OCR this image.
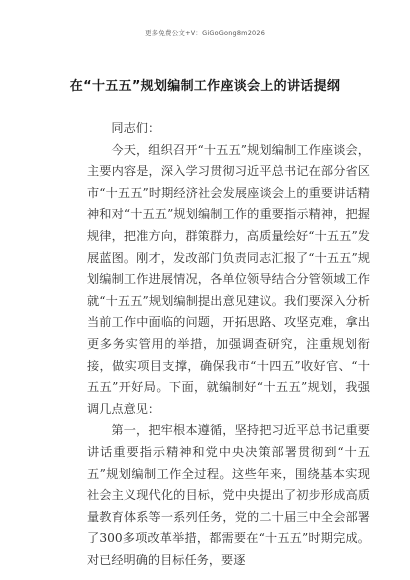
更多免费公文+V：GiGoGong8m2026
在“十五五”规划编制工作座谈会上的讲话提纲

同志们：

今天，组织召开“十五五”规划编制工作座谈会，主要内容是，深入学习贯彻习近平总书记在部分省区市“十五五”时期经济社会发展座谈会上的重要讲话精神和对“十五五”规划编制工作的重要指示精神，把握规律，把准方向，群策群力，高质量绘好“十五五”发展蓝图。刚才，发改部门负责同志汇报了“十五五”规划编制工作进展情况，各单位领导结合分管领域工作就“十五五”规划编制提出意见建议。我们要深入分析当前工作中面临的问题，开拓思路、攻坚克难，拿出更多务实管用的举措，加强调查研究，注重规划衔接，做实项目支撑，确保我市“十四五”收好官、“十五五”开好局。下面，就编制好“十五五”规划，我强调几点意见：

第一，把牢根本遵循，坚持把习近平总书记重要讲话重要指示精神和党中央决策部署贯彻到“十五五”规划编制工作全过程。这些年来，围绕基本实现社会主义现代化的目标，党中央提出了初步形成高质量教育体系等一系列任务，党的二十届三中全会部署了300多项改革举措，都需要在“十五五”时期完成。对已经明确的目标任务，要逐
